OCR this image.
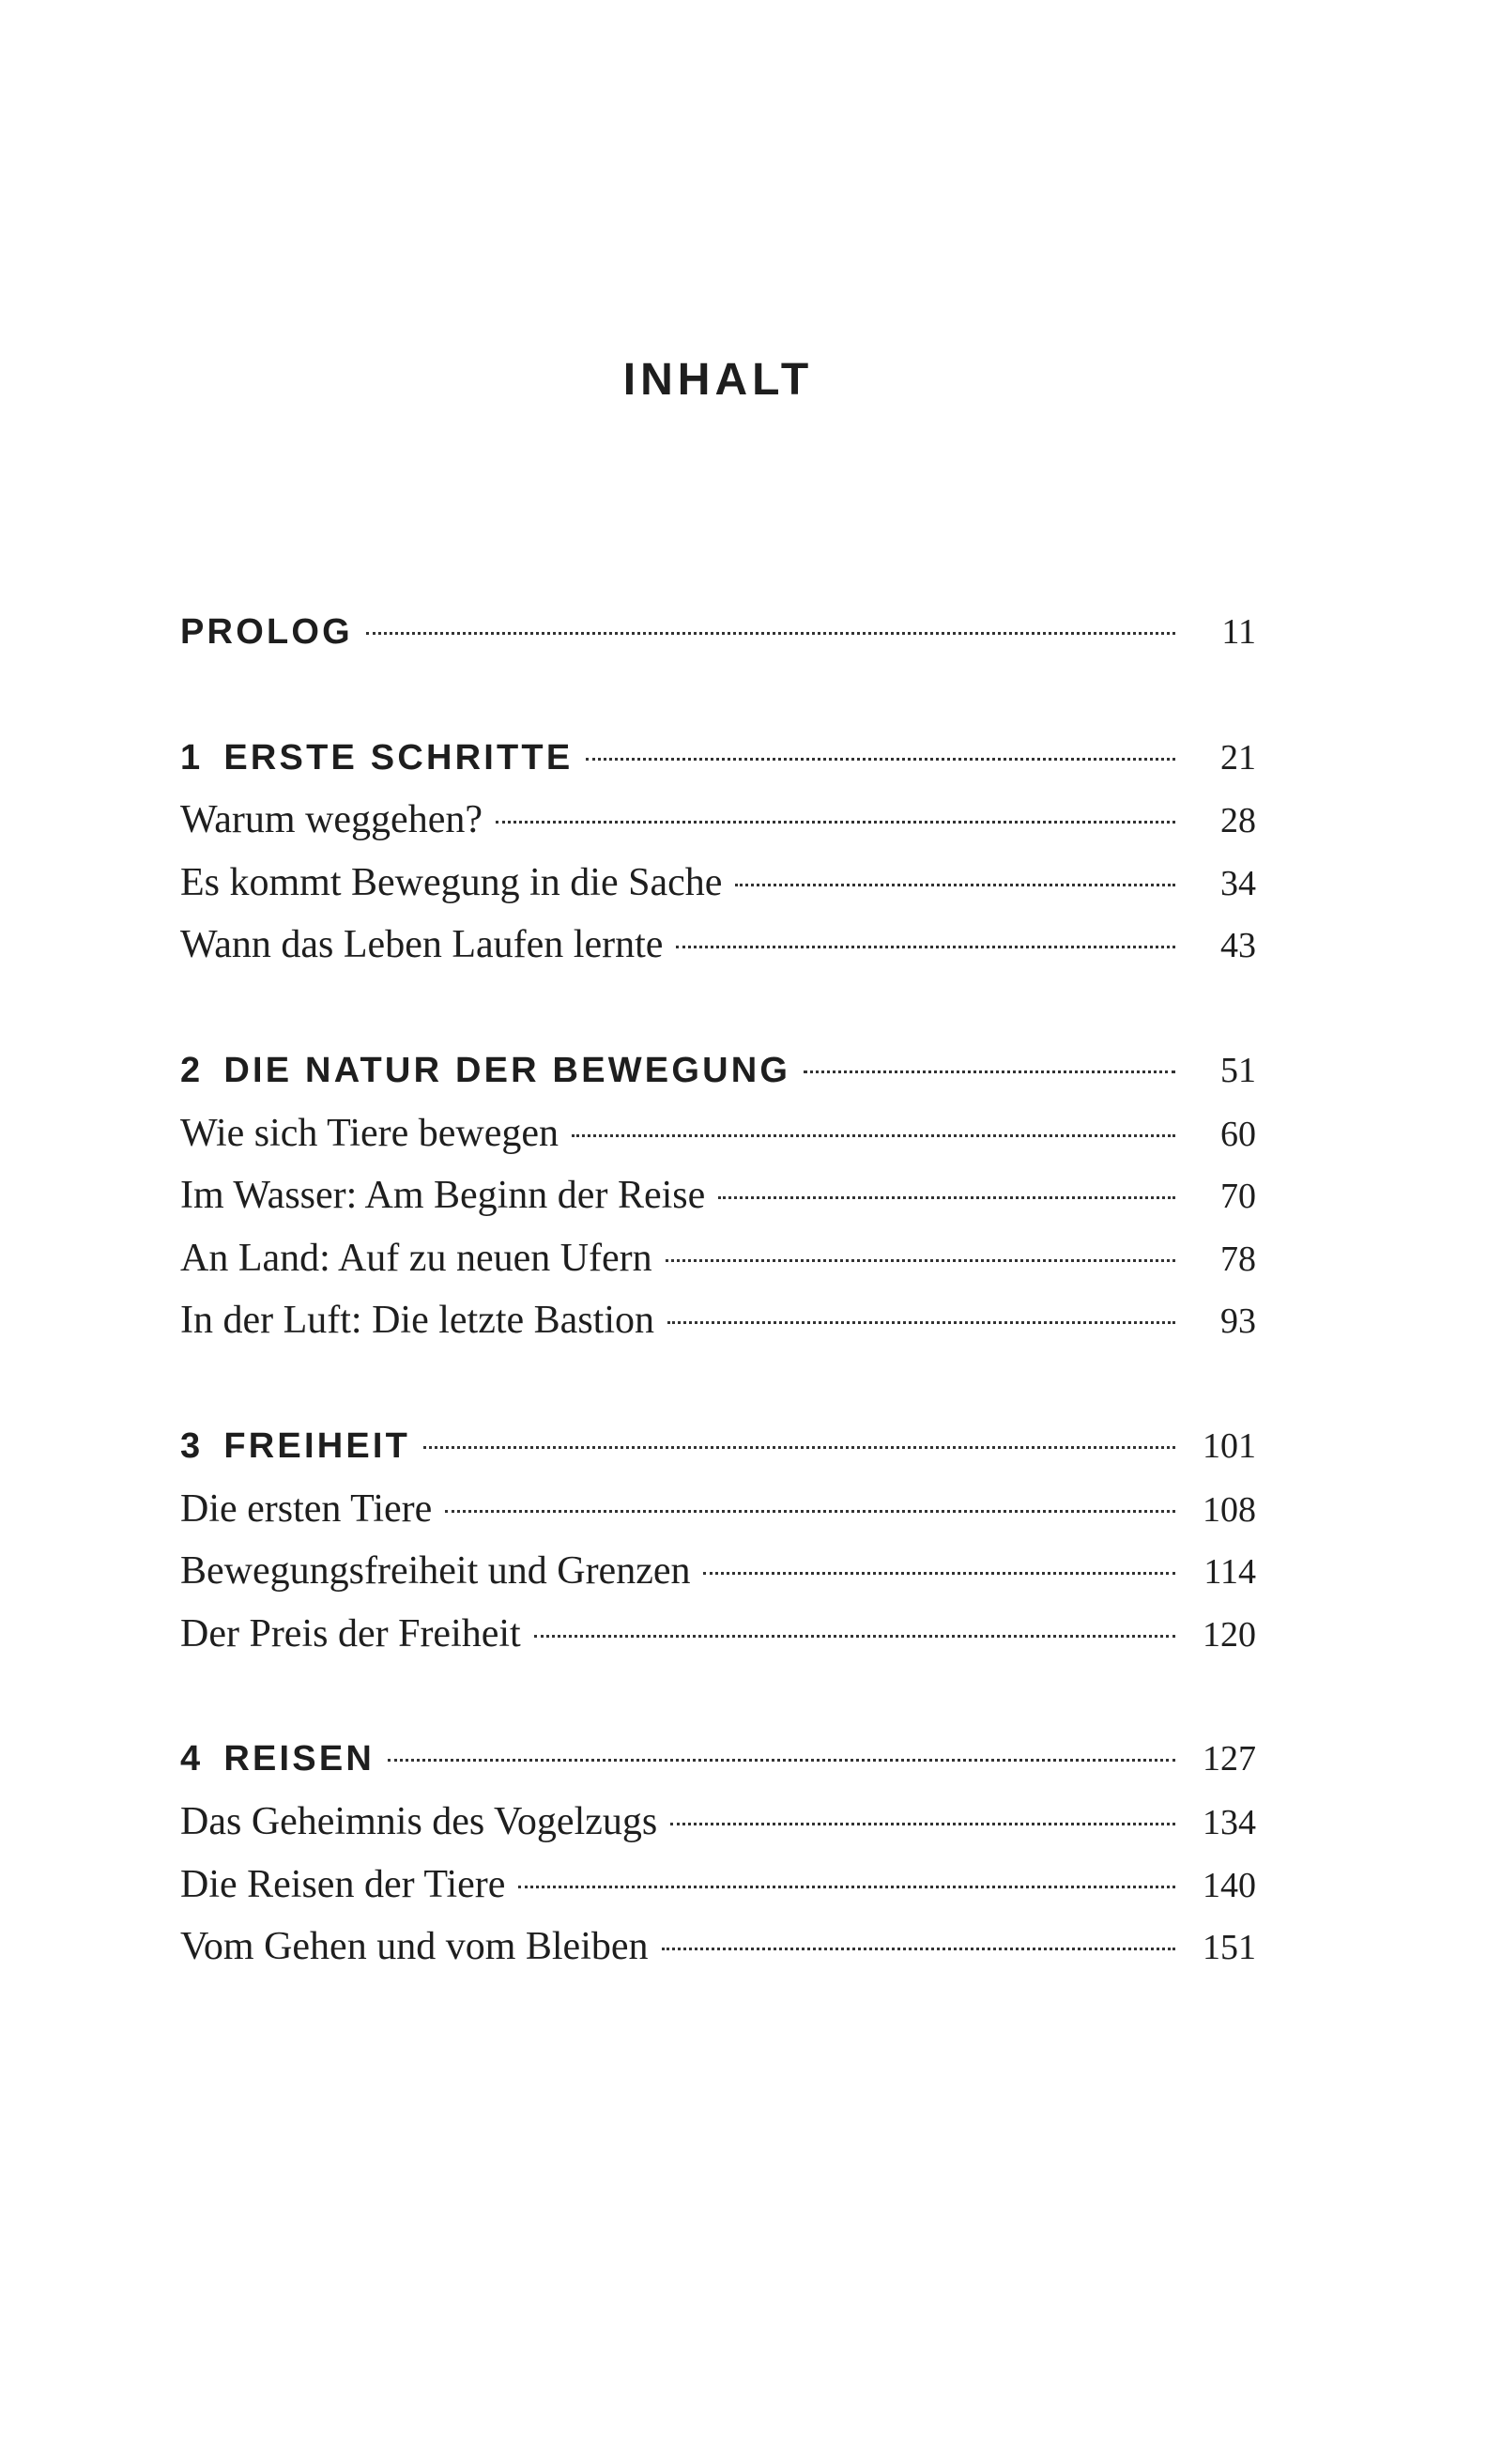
INHALT
PROLOG	11
1 ERSTE SCHRITTE	21
Warum weggehen?	28
Es kommt Bewegung in die Sache	34
Wann das Leben Laufen lernte	43
2 DIE NATUR DER BEWEGUNG	51
Wie sich Tiere bewegen	60
Im Wasser: Am Beginn der Reise	70
An Land: Auf zu neuen Ufern	78
In der Luft: Die letzte Bastion	93
3 FREIHEIT	101
Die ersten Tiere	108
Bewegungsfreiheit und Grenzen	114
Der Preis der Freiheit	120
4 REISEN	127
Das Geheimnis des Vogelzugs	134
Die Reisen der Tiere	140
Vom Gehen und vom Bleiben	151
